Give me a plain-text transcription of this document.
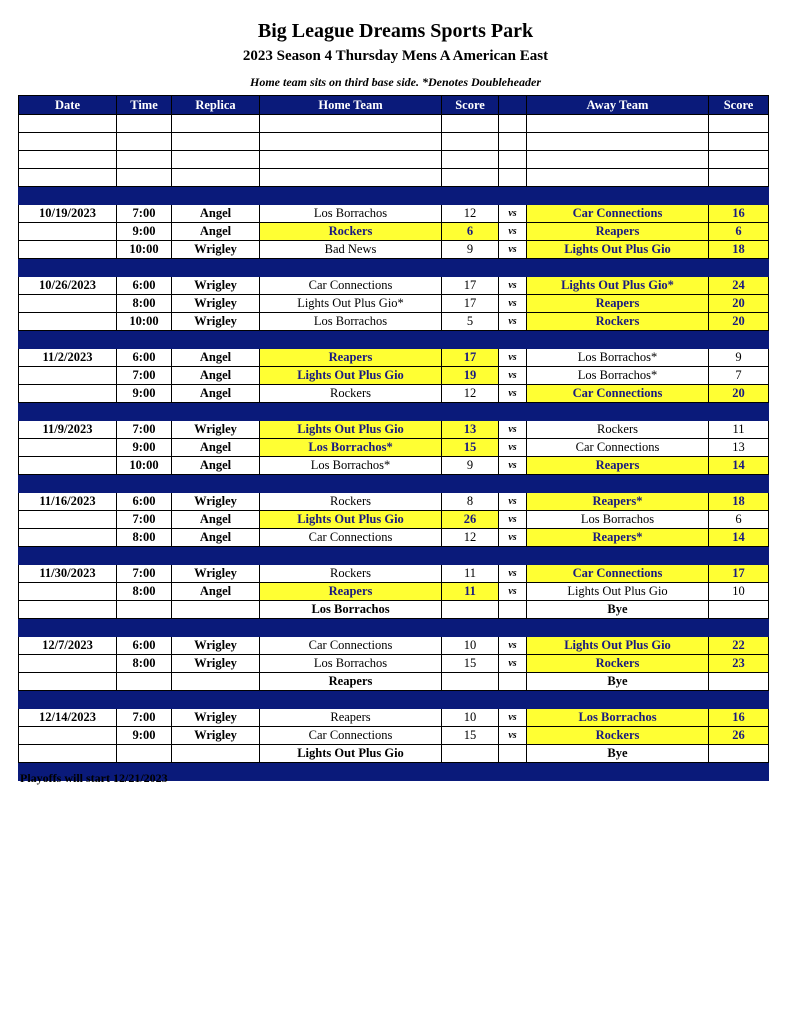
Big League Dreams Sports Park
2023 Season 4 Thursday Mens A American East
Home team sits on third base side. *Denotes Doubleheader
Date	Time	Replica	Home Team	Score		Away Team	Score

10/19/2023	7:00	Angel	Los Borrachos	12	vs	Car Connections	16
	9:00	Angel	Rockers	6	vs	Reapers	6
	10:00	Wrigley	Bad News	9	vs	Lights Out Plus Gio	18

10/26/2023	6:00	Wrigley	Car Connections	17	vs	Lights Out Plus Gio*	24
	8:00	Wrigley	Lights Out Plus Gio*	17	vs	Reapers	20
	10:00	Wrigley	Los Borrachos	5	vs	Rockers	20

11/2/2023	6:00	Angel	Reapers	17	vs	Los Borrachos*	9
	7:00	Angel	Lights Out Plus Gio	19	vs	Los Borrachos*	7
	9:00	Angel	Rockers	12	vs	Car Connections	20

11/9/2023	7:00	Wrigley	Lights Out Plus Gio	13	vs	Rockers	11
	9:00	Angel	Los Borrachos*	15	vs	Car Connections	13
	10:00	Angel	Los Borrachos*	9	vs	Reapers	14

11/16/2023	6:00	Wrigley	Rockers	8	vs	Reapers*	18
	7:00	Angel	Lights Out Plus Gio	26	vs	Los Borrachos	6
	8:00	Angel	Car Connections	12	vs	Reapers*	14

11/30/2023	7:00	Wrigley	Rockers	11	vs	Car Connections	17
	8:00	Angel	Reapers	11	vs	Lights Out Plus Gio	10
			Los Borrachos			Bye	

12/7/2023	6:00	Wrigley	Car Connections	10	vs	Lights Out Plus Gio	22
	8:00	Wrigley	Los Borrachos	15	vs	Rockers	23
			Reapers			Bye	

12/14/2023	7:00	Wrigley	Reapers	10	vs	Los Borrachos	16
	9:00	Wrigley	Car Connections	15	vs	Rockers	26
			Lights Out Plus Gio			Bye	

Playoffs will start 12/21/2023
